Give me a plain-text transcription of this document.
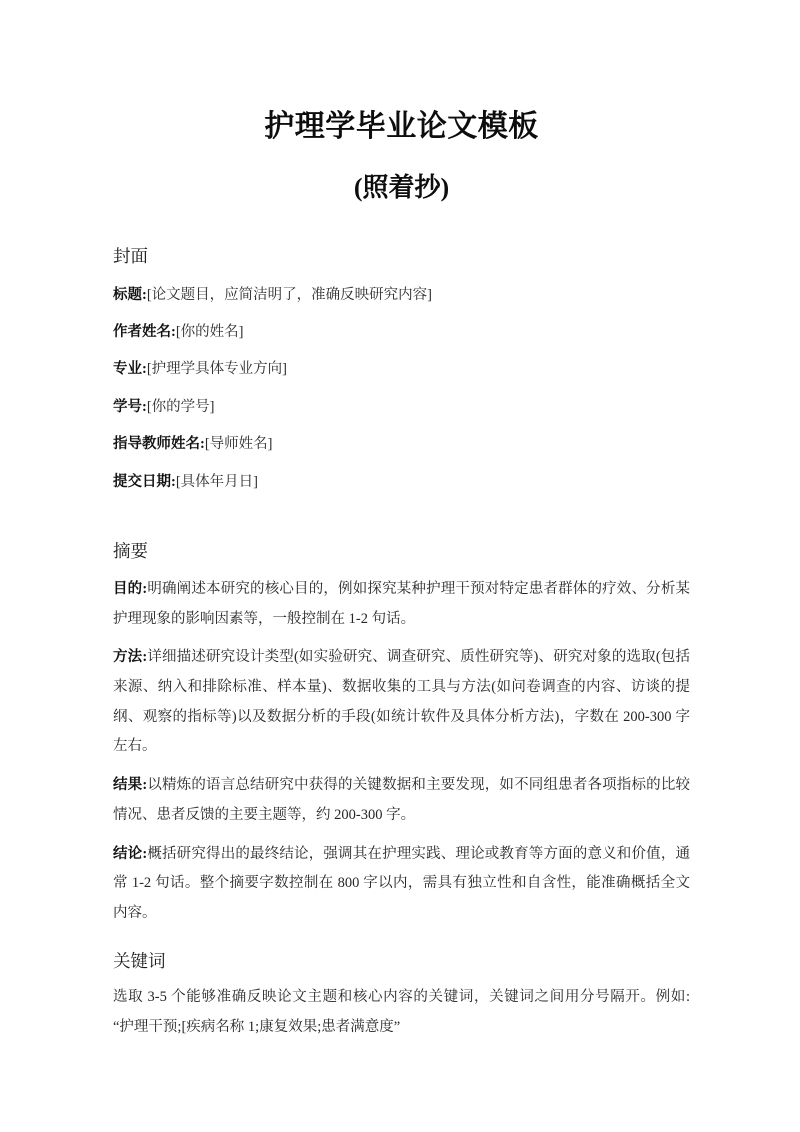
护理学毕业论文模板
(照着抄)
封面

标题:[论文题目，应简洁明了，准确反映研究内容]

作者姓名:[你的姓名]

专业:[护理学具体专业方向]

学号:[你的学号]

指导教师姓名:[导师姓名]

提交日期:[具体年月日]

摘要

目的:明确阐述本研究的核心目的，例如探究某种护理干预对特定患者群体的疗效、分析某护理现象的影响因素等，一般控制在 1-2 句话。

方法:详细描述研究设计类型(如实验研究、调查研究、质性研究等)、研究对象的选取(包括来源、纳入和排除标准、样本量)、数据收集的工具与方法(如问卷调查的内容、访谈的提纲、观察的指标等)以及数据分析的手段(如统计软件及具体分析方法)，字数在 200-300 字左右。

结果:以精炼的语言总结研究中获得的关键数据和主要发现，如不同组患者各项指标的比较情况、患者反馈的主要主题等，约 200-300 字。

结论:概括研究得出的最终结论，强调其在护理实践、理论或教育等方面的意义和价值，通常 1-2 句话。整个摘要字数控制在 800 字以内，需具有独立性和自含性，能准确概括全文内容。

关键词

选取 3-5 个能够准确反映论文主题和核心内容的关键词，关键词之间用分号隔开。例如: “护理干预;[疾病名称 1;康复效果;患者满意度”
